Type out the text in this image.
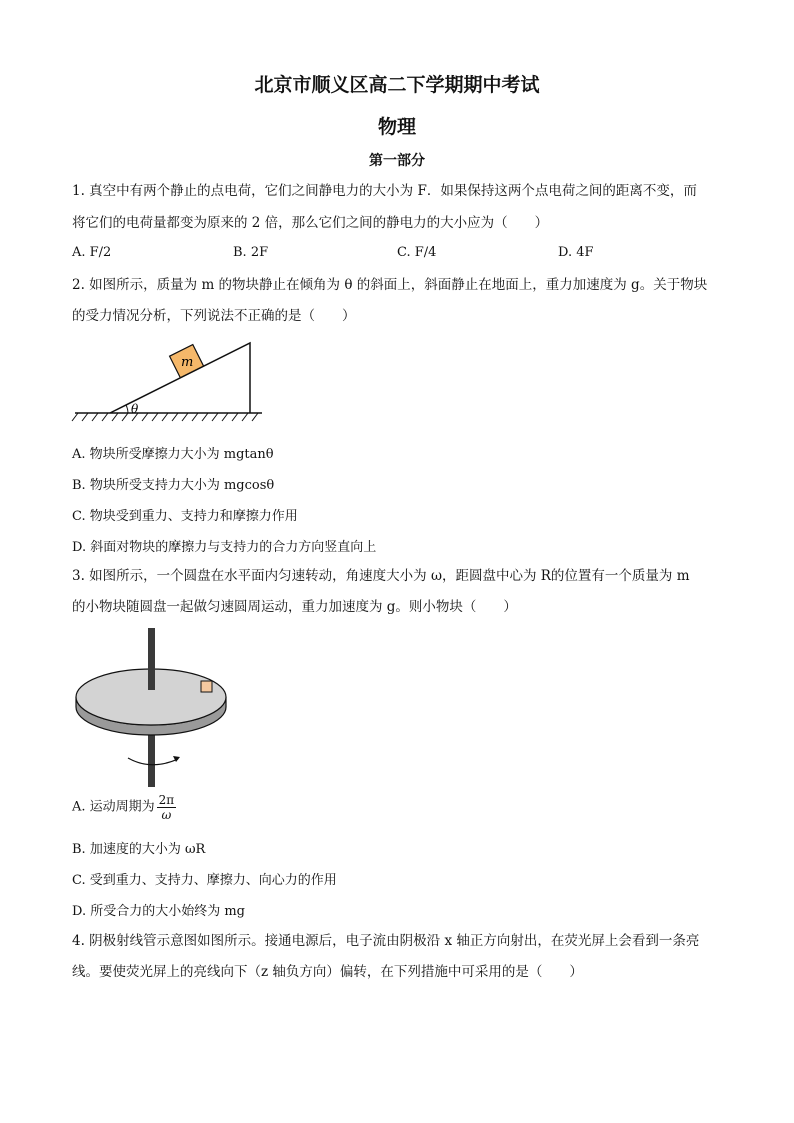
北京市顺义区高二下学期期中考试
物理
第一部分
1. 真空中有两个静止的点电荷，它们之间静电力的大小为 F．如果保持这两个点电荷之间的距离不变，而
将它们的电荷量都变为原来的 2 倍，那么它们之间的静电力的大小应为（　　）
A. F/2	B. 2F	C. F/4	D. 4F
2. 如图所示，质量为 m 的物块静止在倾角为 θ 的斜面上，斜面静止在地面上，重力加速度为 g。关于物块
的受力情况分析，下列说法不正确的是（　　）
m
θ
A. 物块所受摩擦力大小为 mgtanθ
B. 物块所受支持力大小为 mgcosθ
C. 物块受到重力、支持力和摩擦力作用
D. 斜面对物块的摩擦力与支持力的合力方向竖直向上
3. 如图所示，一个圆盘在水平面内匀速转动，角速度大小为 ω，距圆盘中心为 R的位置有一个质量为 m
的小物块随圆盘一起做匀速圆周运动，重力加速度为 g。则小物块（　　）
A. 运动周期为 $\frac{2\pi}{\omega}$
B. 加速度的大小为 ωR
C. 受到重力、支持力、摩擦力、向心力的作用
D. 所受合力的大小始终为 mg
4. 阴极射线管示意图如图所示。接通电源后，电子流由阴极沿 x 轴正方向射出，在荧光屏上会看到一条亮
线。要使荧光屏上的亮线向下（z 轴负方向）偏转，在下列措施中可采用的是（　　）
